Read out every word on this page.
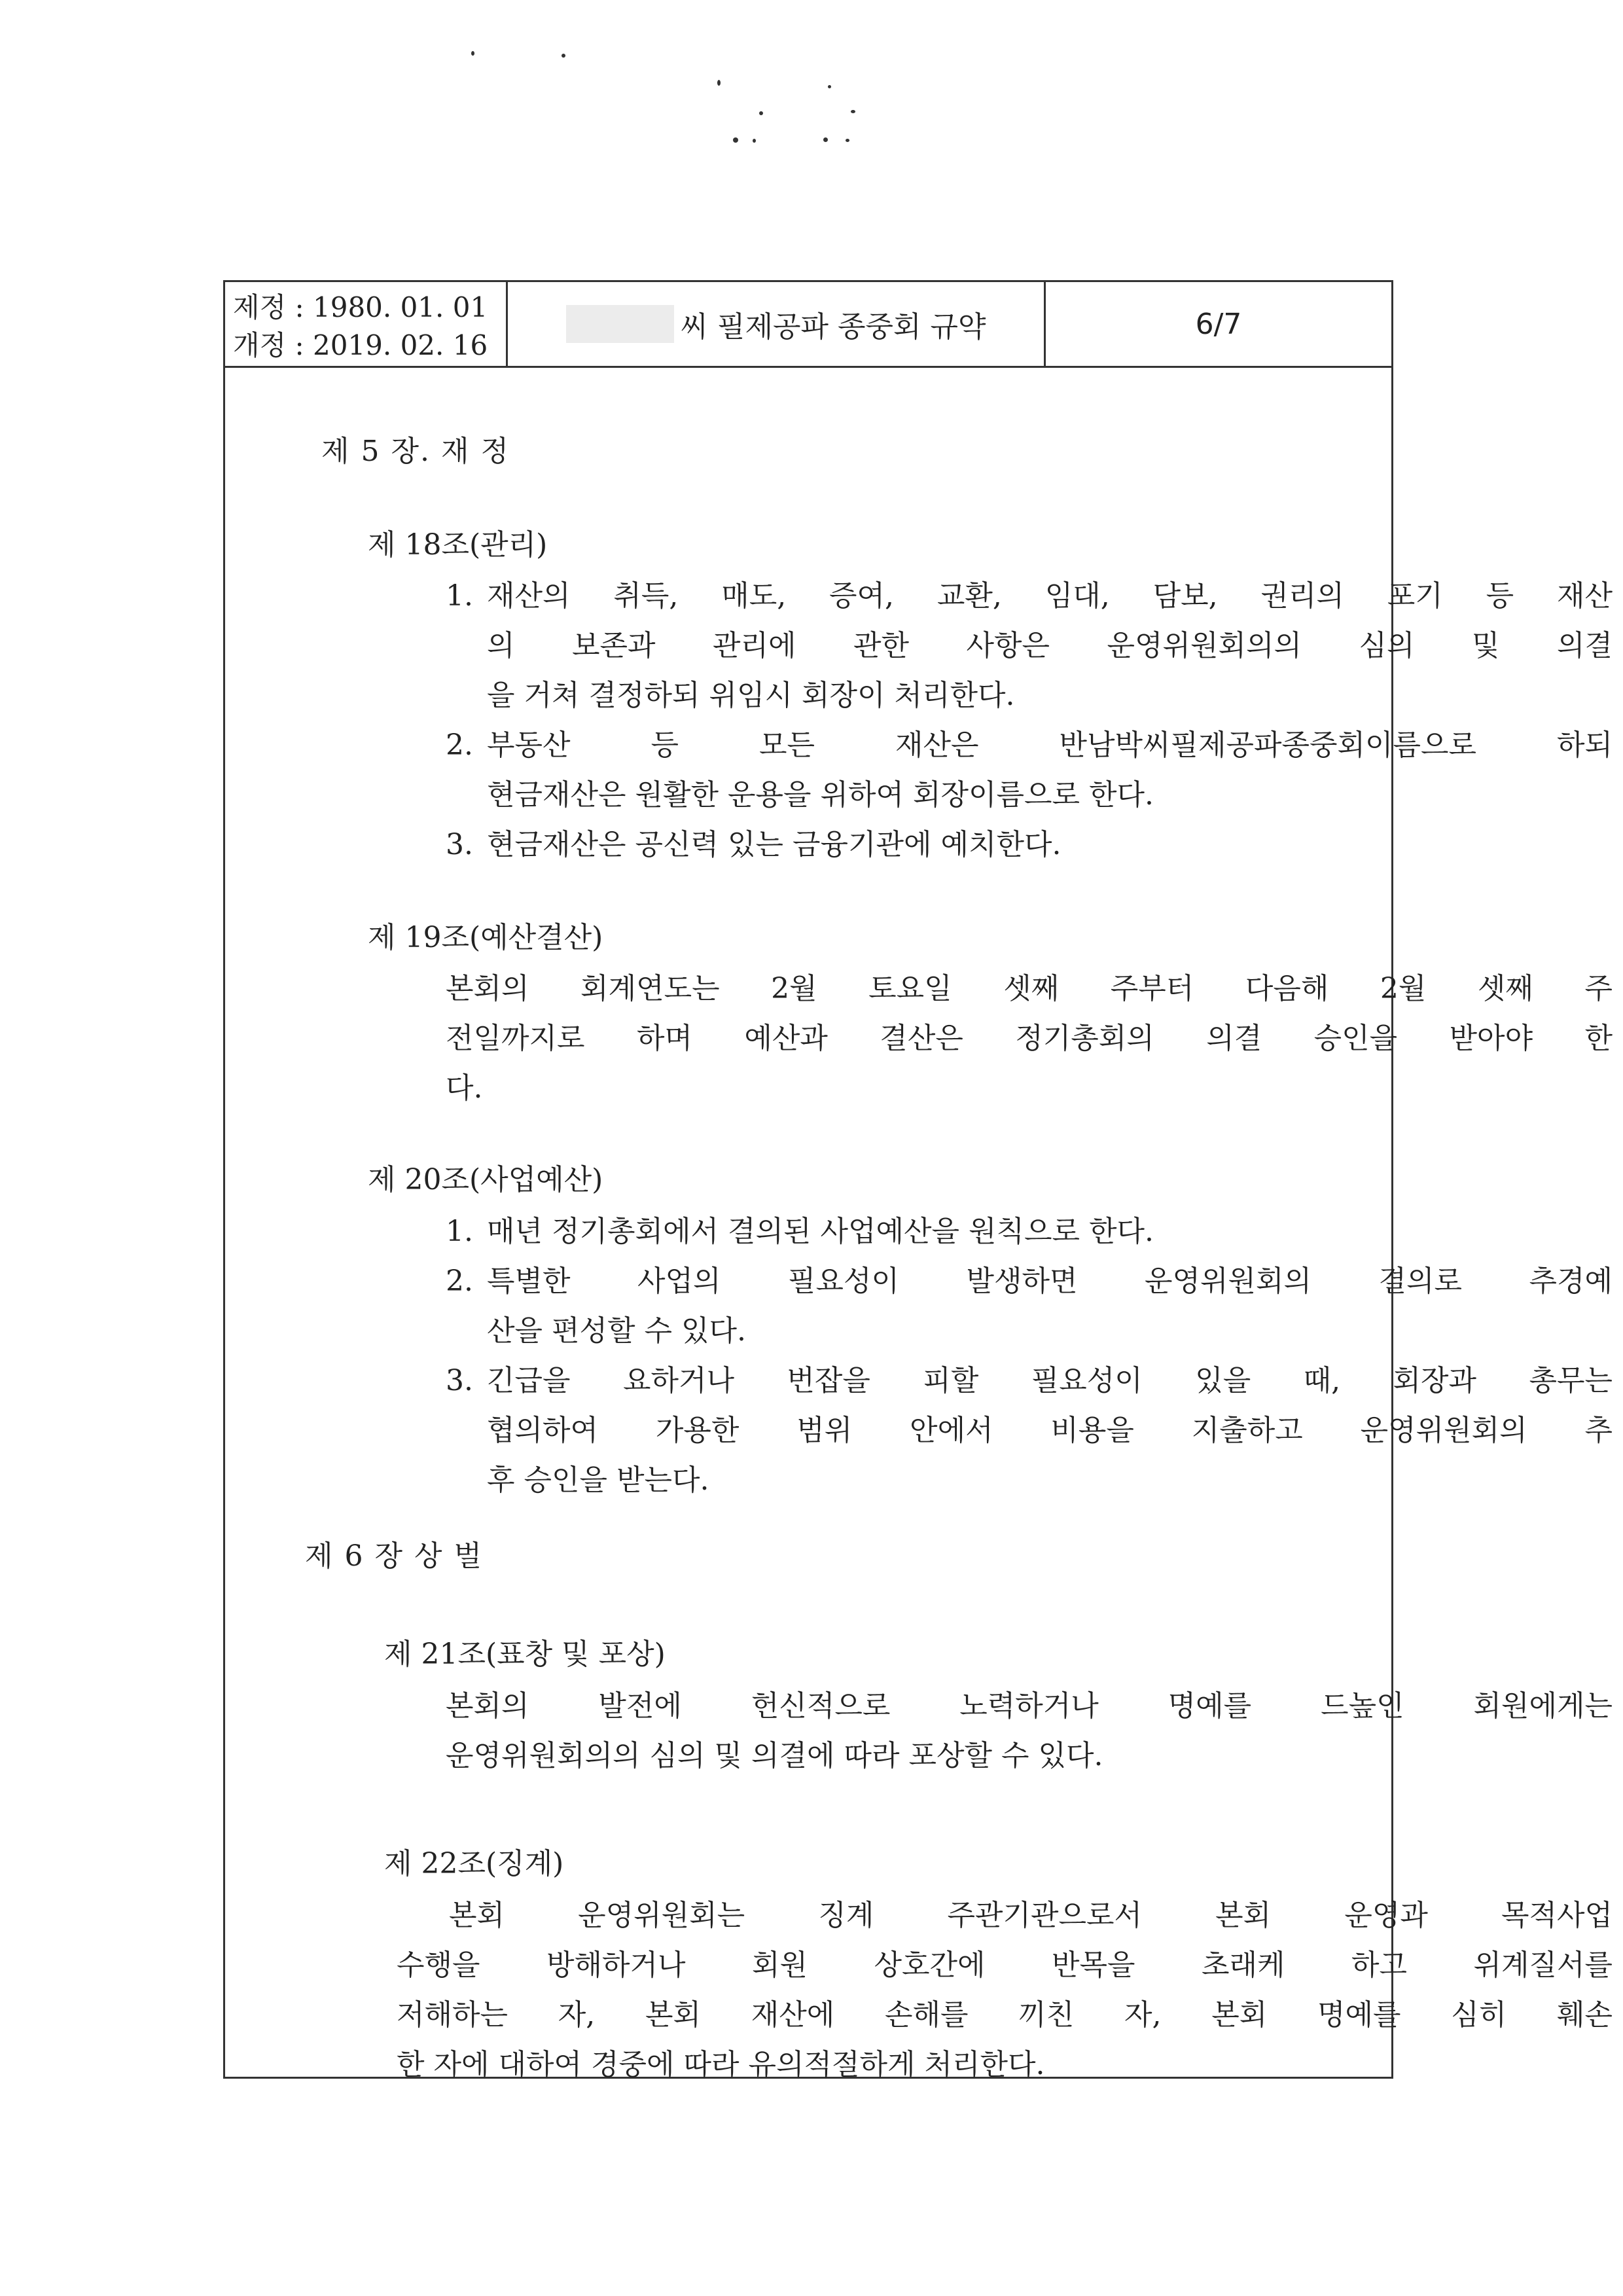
제정 : 1980. 01. 01
개정 : 2019. 02. 16
씨 필제공파 종중회 규약	6/7
제 5 장. 재 정
제 18조(관리)
1. 재산의 취득, 매도, 증여, 교환, 임대, 담보, 권리의 포기 등 재산
의 보존과 관리에 관한 사항은 운영위원회의의 심의 및 의결
을 거쳐 결정하되 위임시 회장이 처리한다.
2. 부동산 등 모든 재산은 반남박씨필제공파종중회이름으로 하되
현금재산은 원활한 운용을 위하여 회장이름으로 한다.
3. 현금재산은 공신력 있는 금융기관에 예치한다.
제 19조(예산결산)
본회의 회계연도는 2월 토요일 셋째 주부터 다음해 2월 셋째 주
전일까지로 하며 예산과 결산은 정기총회의 의결 승인을 받아야 한
다.
제 20조(사업예산)
1. 매년 정기총회에서 결의된 사업예산을 원칙으로 한다.
2. 특별한 사업의 필요성이 발생하면 운영위원회의 결의로 추경예
산을 편성할 수 있다.
3. 긴급을 요하거나 번잡을 피할 필요성이 있을 때, 회장과 총무는
협의하여 가용한 범위 안에서 비용을 지출하고 운영위원회의 추
후 승인을 받는다.
제 6 장 상 벌
제 21조(표창 및 포상)
본회의 발전에 헌신적으로 노력하거나 명예를 드높인 회원에게는
운영위원회의의 심의 및 의결에 따라 포상할 수 있다.
제 22조(징계)
본회 운영위원회는 징계 주관기관으로서 본회 운영과 목적사업
수행을 방해하거나 회원 상호간에 반목을 초래케 하고 위계질서를
저해하는 자, 본회 재산에 손해를 끼친 자, 본회 명예를 심히 훼손
한 자에 대하여 경중에 따라 유의적절하게 처리한다.
